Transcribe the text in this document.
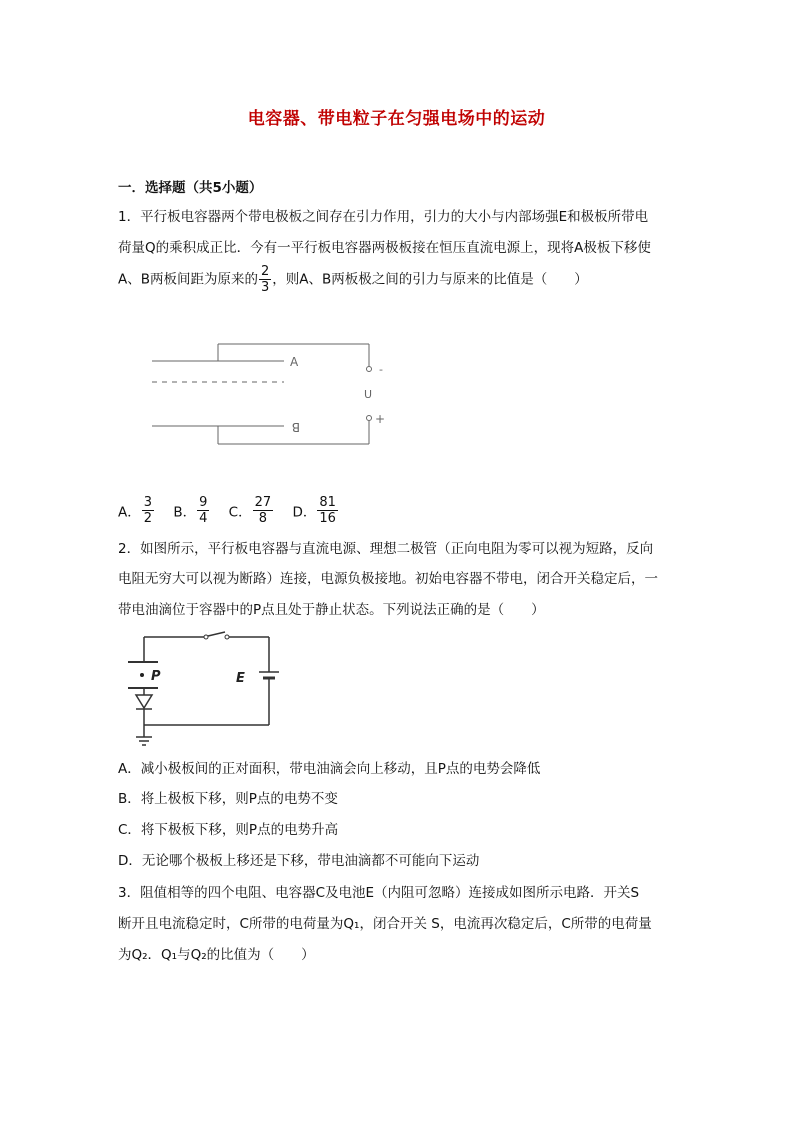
电容器、带电粒子在匀强电场中的运动
一．选择题（共5小题）
1．平行板电容器两个带电极板之间存在引力作用，引力的大小与内部场强E和极板所带电
荷量Q的乘积成正比．今有一平行板电容器两极板接在恒压直流电源上，现将A极板下移使
A、B两板间距为原来的 $\frac{2}{3}$ ，则A、B两板极之间的引力与原来的比值是（　　）
A
-
U
+
B
A． $\frac{3}{2}$ B． $\frac{9}{4}$ C． $\frac{27}{8}$ D． $\frac{81}{16}$
2．如图所示，平行板电容器与直流电源、理想二极管（正向电阻为零可以视为短路，反向
电阻无穷大可以视为断路）连接，电源负极接地。初始电容器不带电，闭合开关稳定后，一
带电油滴位于容器中的P点且处于静止状态。下列说法正确的是（　　）
E
P
A．减小极板间的正对面积，带电油滴会向上移动，且P点的电势会降低
B．将上极板下移，则P点的电势不变
C．将下极板下移，则P点的电势升高
D．无论哪个极板上移还是下移，带电油滴都不可能向下运动
3．阻值相等的四个电阻、电容器C及电池E（内阻可忽略）连接成如图所示电路．开关S
断开且电流稳定时，C所带的电荷量为Q₁，闭合开关 S，电流再次稳定后，C所带的电荷量
为Q₂．Q₁与Q₂的比值为（　　）
